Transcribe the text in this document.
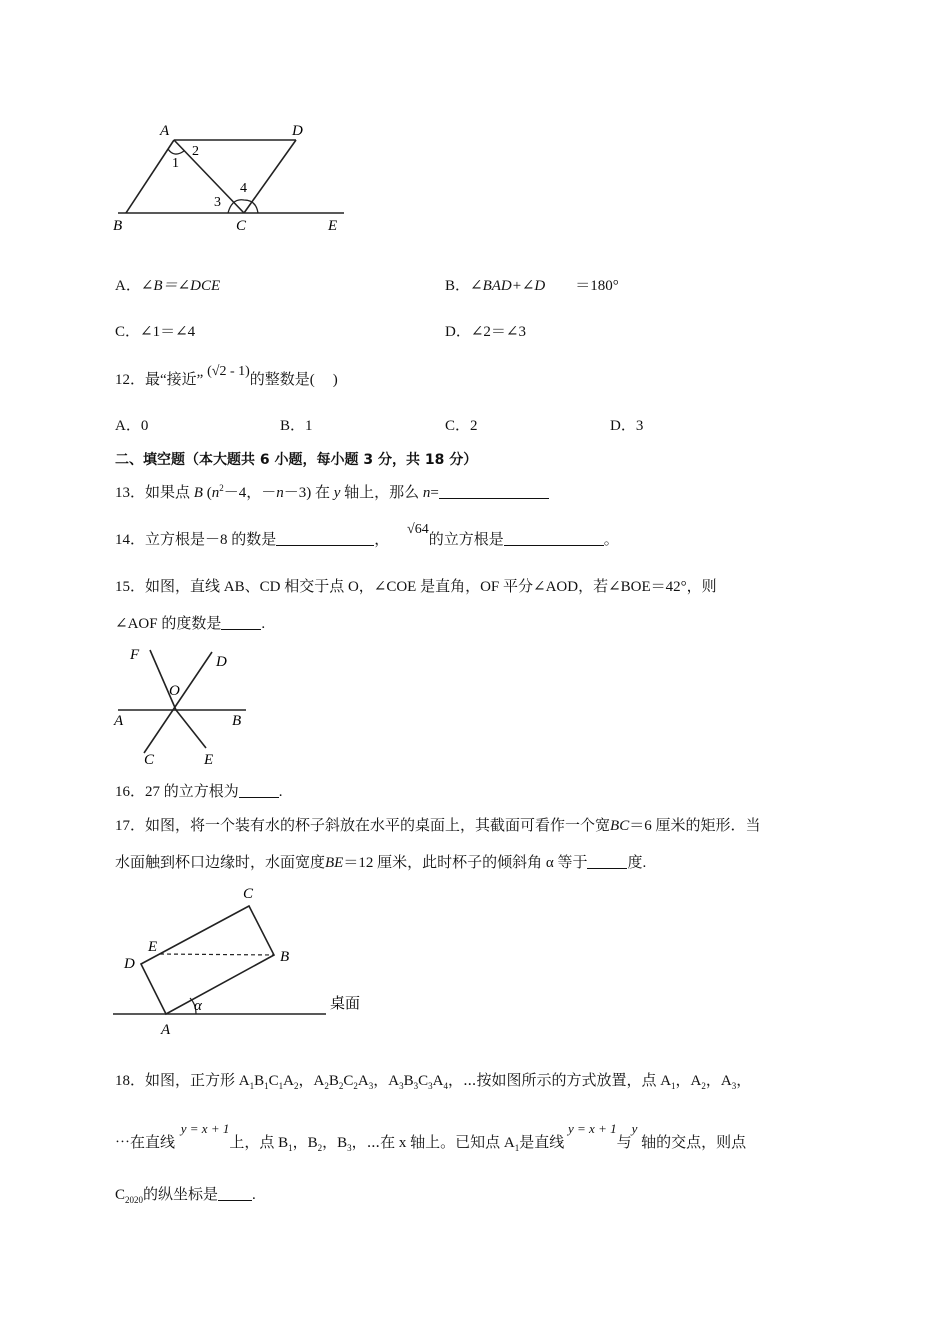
A	D
B	C	E
1
2
3
4
A．∠B＝∠DCE	B．∠BAD+∠D ＝180°
C．∠1＝∠4	D．∠2＝∠3
12．最“接近” (√2 - 1)的整数是( )
A．0	B．1	C．2	D．3
二、填空题（本大题共 6 小题，每小题 3 分，共 18 分）
13．如果点 B ($n^2-4$，－n－3) 在 y 轴上，那么 n=
14．立方根是－8 的数是	， √64的立方根是	。
15．如图，直线 AB、CD 相交于点 O，∠COE 是直角，OF 平分∠AOD，若∠BOE＝42°，则
∠AOF 的度数是	.
F	D
O
A	B
C	E
16．27 的立方根为	.
17．如图，将一个装有水的杯子斜放在水平的桌面上，其截面可看作一个宽BC＝6 厘米的矩形．当
水面触到杯口边缘时，水面宽度BE＝12 厘米，此时杯子的倾斜角 α 等于	度.
C
E
B
D
A
α	桌面
18．如图，正方形 $A_1B_1C_1A_2$，$A_2B_2C_2A_3$，$A_3B_3C_3A_4$，⋯按如图所示的方式放置，点 $A_1$，$A_2$，$A_3$，
⋯在直线 y = x + 1上，点 $B_1$，$B_2$，$B_3$，⋯在 x 轴上。已知点 $A_1$是直线 y = x + 1与y 轴的交点，则点
$C_{2020}$的纵坐标是 .
